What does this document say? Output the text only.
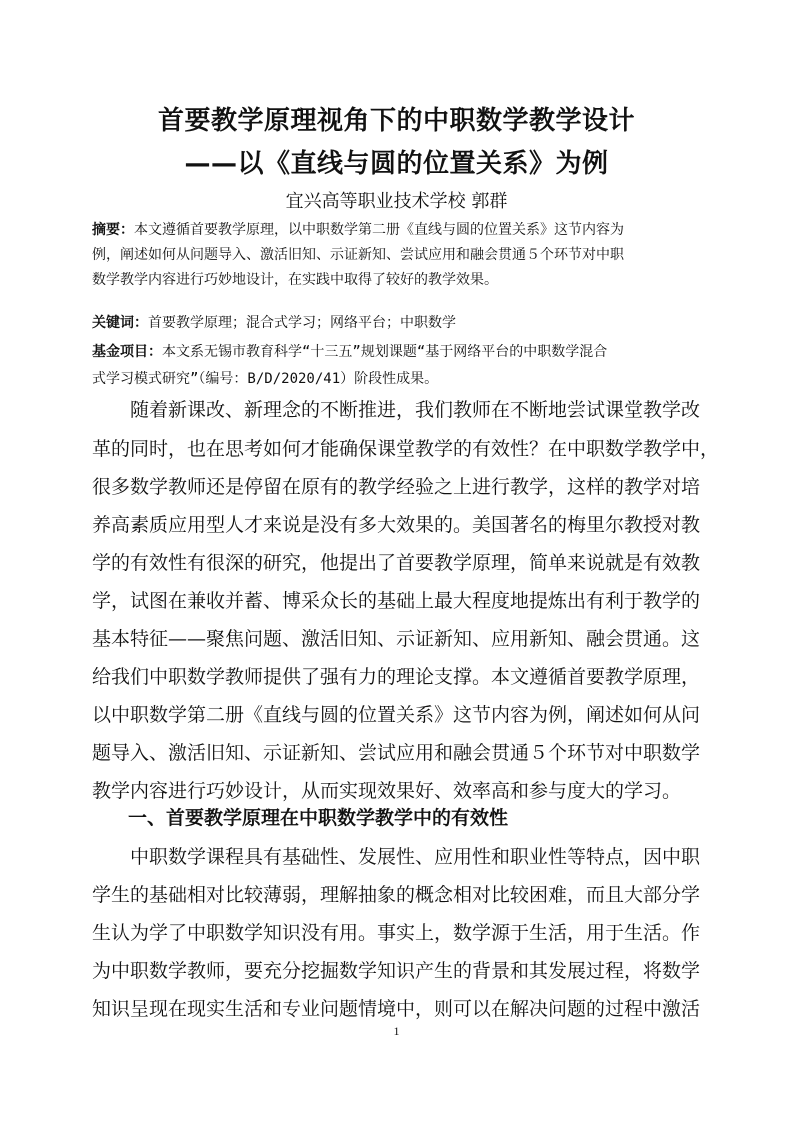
首要教学原理视角下的中职数学教学设计
——以《直线与圆的位置关系》为例
宜兴高等职业技术学校 郭群
摘要：本文遵循首要教学原理，以中职数学第二册《直线与圆的位置关系》这节内容为
例，阐述如何从问题导入、激活旧知、示证新知、尝试应用和融会贯通５个环节对中职
数学教学内容进行巧妙地设计，在实践中取得了较好的教学效果。
关键词：首要教学原理；混合式学习；网络平台；中职数学
基金项目：本文系无锡市教育科学“十三五”规划课题“基于网络平台的中职数学混合
式学习模式研究”（编号：B/D/2020/41）阶段性成果。
　　随着新课改、新理念的不断推进，我们教师在不断地尝试课堂教学改
革的同时，也在思考如何才能确保课堂教学的有效性？在中职数学教学中，
很多数学教师还是停留在原有的教学经验之上进行教学，这样的教学对培
养高素质应用型人才来说是没有多大效果的。美国著名的梅里尔教授对教
学的有效性有很深的研究，他提出了首要教学原理，简单来说就是有效教
学，试图在兼收并蓄、博采众长的基础上最大程度地提炼出有利于教学的
基本特征——聚焦问题、激活旧知、示证新知、应用新知、融会贯通。这
给我们中职数学教师提供了强有力的理论支撑。本文遵循首要教学原理，
以中职数学第二册《直线与圆的位置关系》这节内容为例，阐述如何从问
题导入、激活旧知、示证新知、尝试应用和融会贯通５个环节对中职数学
教学内容进行巧妙设计，从而实现效果好、效率高和参与度大的学习。
一、首要教学原理在中职数学教学中的有效性
　　中职数学课程具有基础性、发展性、应用性和职业性等特点，因中职
学生的基础相对比较薄弱，理解抽象的概念相对比较困难，而且大部分学
生认为学了中职数学知识没有用。事实上，数学源于生活，用于生活。作
为中职数学教师，要充分挖掘数学知识产生的背景和其发展过程，将数学
知识呈现在现实生活和专业问题情境中，则可以在解决问题的过程中激活
1
